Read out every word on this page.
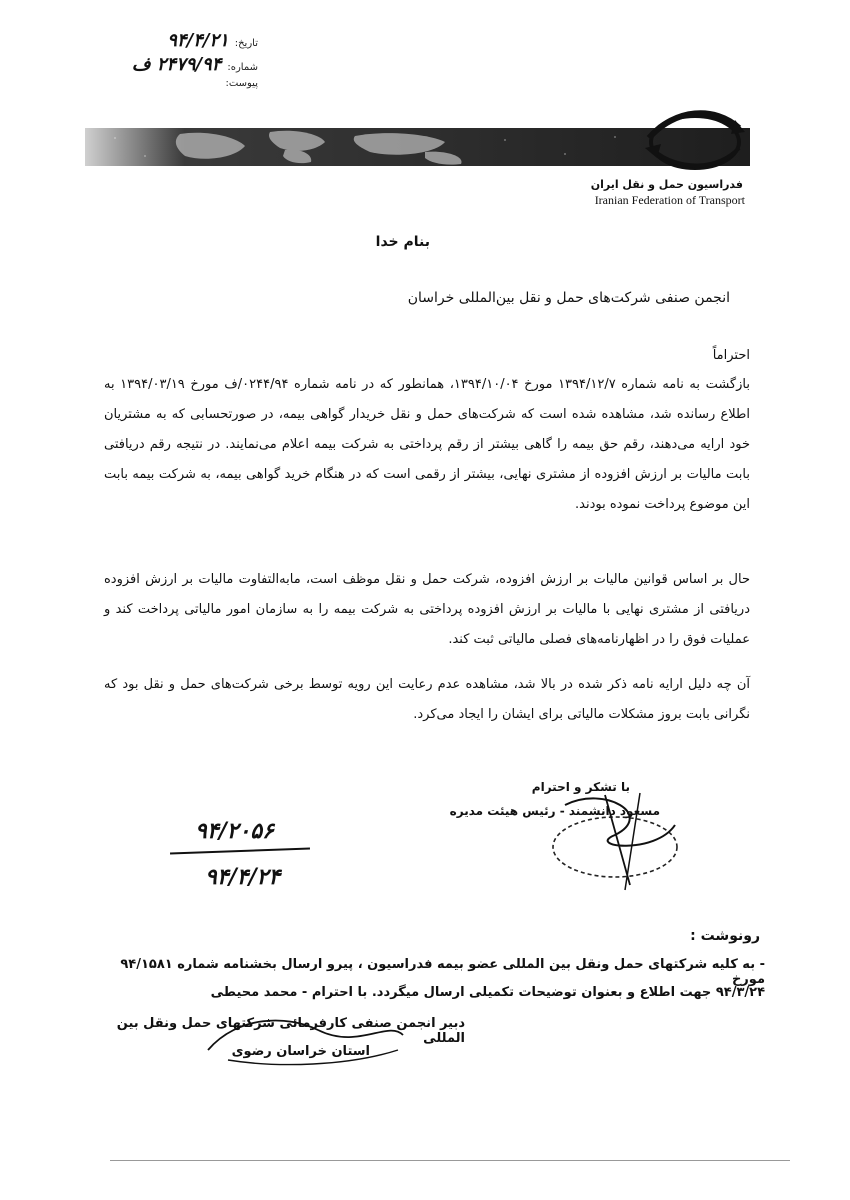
تاریخ:
۹۴/۴/۲۱
شماره:
۲۴۷۹/۹۴ ف
پیوست:
فدراسیون حمل و نقل ایران
Iranian Federation of Transport
بنام خدا
انجمن صنفی شرکت‌های حمل و نقل بین‌المللی خراسان
احتراماً
بازگشت به نامه شماره ۱۳۹۴/۱۲/۷ مورخ ۱۳۹۴/۱۰/۰۴، همانطور که در نامه شماره ۰۲۴۴/۹۴/ف مورخ ۱۳۹۴/۰۳/۱۹ به اطلاع رسانده شد، مشاهده شده است که شرکت‌های حمل و نقل خریدار گواهی بیمه، در صورتحسابی که به مشتریان خود ارایه می‌دهند، رقم حق بیمه را گاهی بیشتر از رقم پرداختی به شرکت بیمه اعلام می‌نمایند. در نتیجه رقم دریافتی بابت مالیات بر ارزش افزوده از مشتری نهایی، بیشتر از رقمی است که در هنگام خرید گواهی بیمه، به شرکت بیمه بابت این موضوع پرداخت نموده بودند.
حال بر اساس قوانین مالیات بر ارزش افزوده، شرکت حمل و نقل موظف است، مابه‌التفاوت مالیات بر ارزش افزوده دریافتی از مشتری نهایی با مالیات بر ارزش افزوده پرداختی به شرکت بیمه را به سازمان امور مالیاتی پرداخت کند و عملیات فوق را در اظهارنامه‌های فصلی مالیاتی ثبت کند.
آن چه دلیل ارایه نامه ذکر شده در بالا شد، مشاهده عدم رعایت این رویه توسط برخی شرکت‌های حمل و نقل بود که نگرانی بابت بروز مشکلات مالیاتی برای ایشان را ایجاد می‌کرد.
با تشکر و احترام
مسعود دانشمند - رئیس هیئت مدیره
۹۴/۲۰۵۶
۹۴/۴/۲۴
رونوشت :
- به کلیه شرکتهای حمل ونقل بین المللی عضو بیمه فدراسیون ، پیرو ارسال بخشنامه شماره ۹۴/۱۵۸۱ مورخ
۹۴/۳/۲۴ جهت اطلاع و بعنوان توضیحات تکمیلی ارسال میگردد. با احترام - محمد محیطی
دبیر انجمن صنفی کارفرمائی شرکتهای حمل ونقل بین المللی
استان خراسان رضوی
